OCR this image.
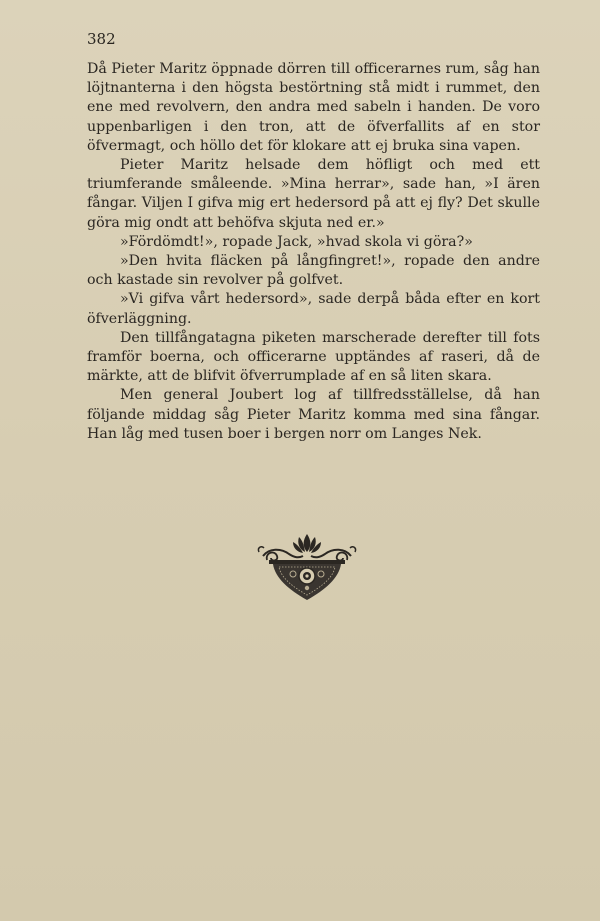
382

Då Pieter Maritz öppnade dörren till officerarnes rum, såg han löjtnanterna i den högsta bestörtning stå midt i rummet, den ene med revolvern, den andra med sabeln i handen. De voro uppenbarligen i den tron, att de öfverfallits af en stor öfvermagt, och höllo det för klokare att ej bruka sina vapen.

Pieter Maritz helsade dem höfligt och med ett triumferande småleende. »Mina herrar», sade han, »I ären fångar. Viljen I gifva mig ert hedersord på att ej fly? Det skulle göra mig ondt att behöfva skjuta ned er.»

»Fördömdt!», ropade Jack, »hvad skola vi göra?»

»Den hvita fläcken på långfingret!», ropade den andre och kastade sin revolver på golfvet.

»Vi gifva vårt hedersord», sade derpå båda efter en kort öfverläggning.

Den tillfångatagna piketen marscherade derefter till fots framför boerna, och officerarne upptändes af raseri, då de märkte, att de blifvit öfverrumplade af en så liten skara.

Men general Joubert log af tillfredsställelse, då han följande middag såg Pieter Maritz komma med sina fångar. Han låg med tusen boer i bergen norr om Langes Nek.
